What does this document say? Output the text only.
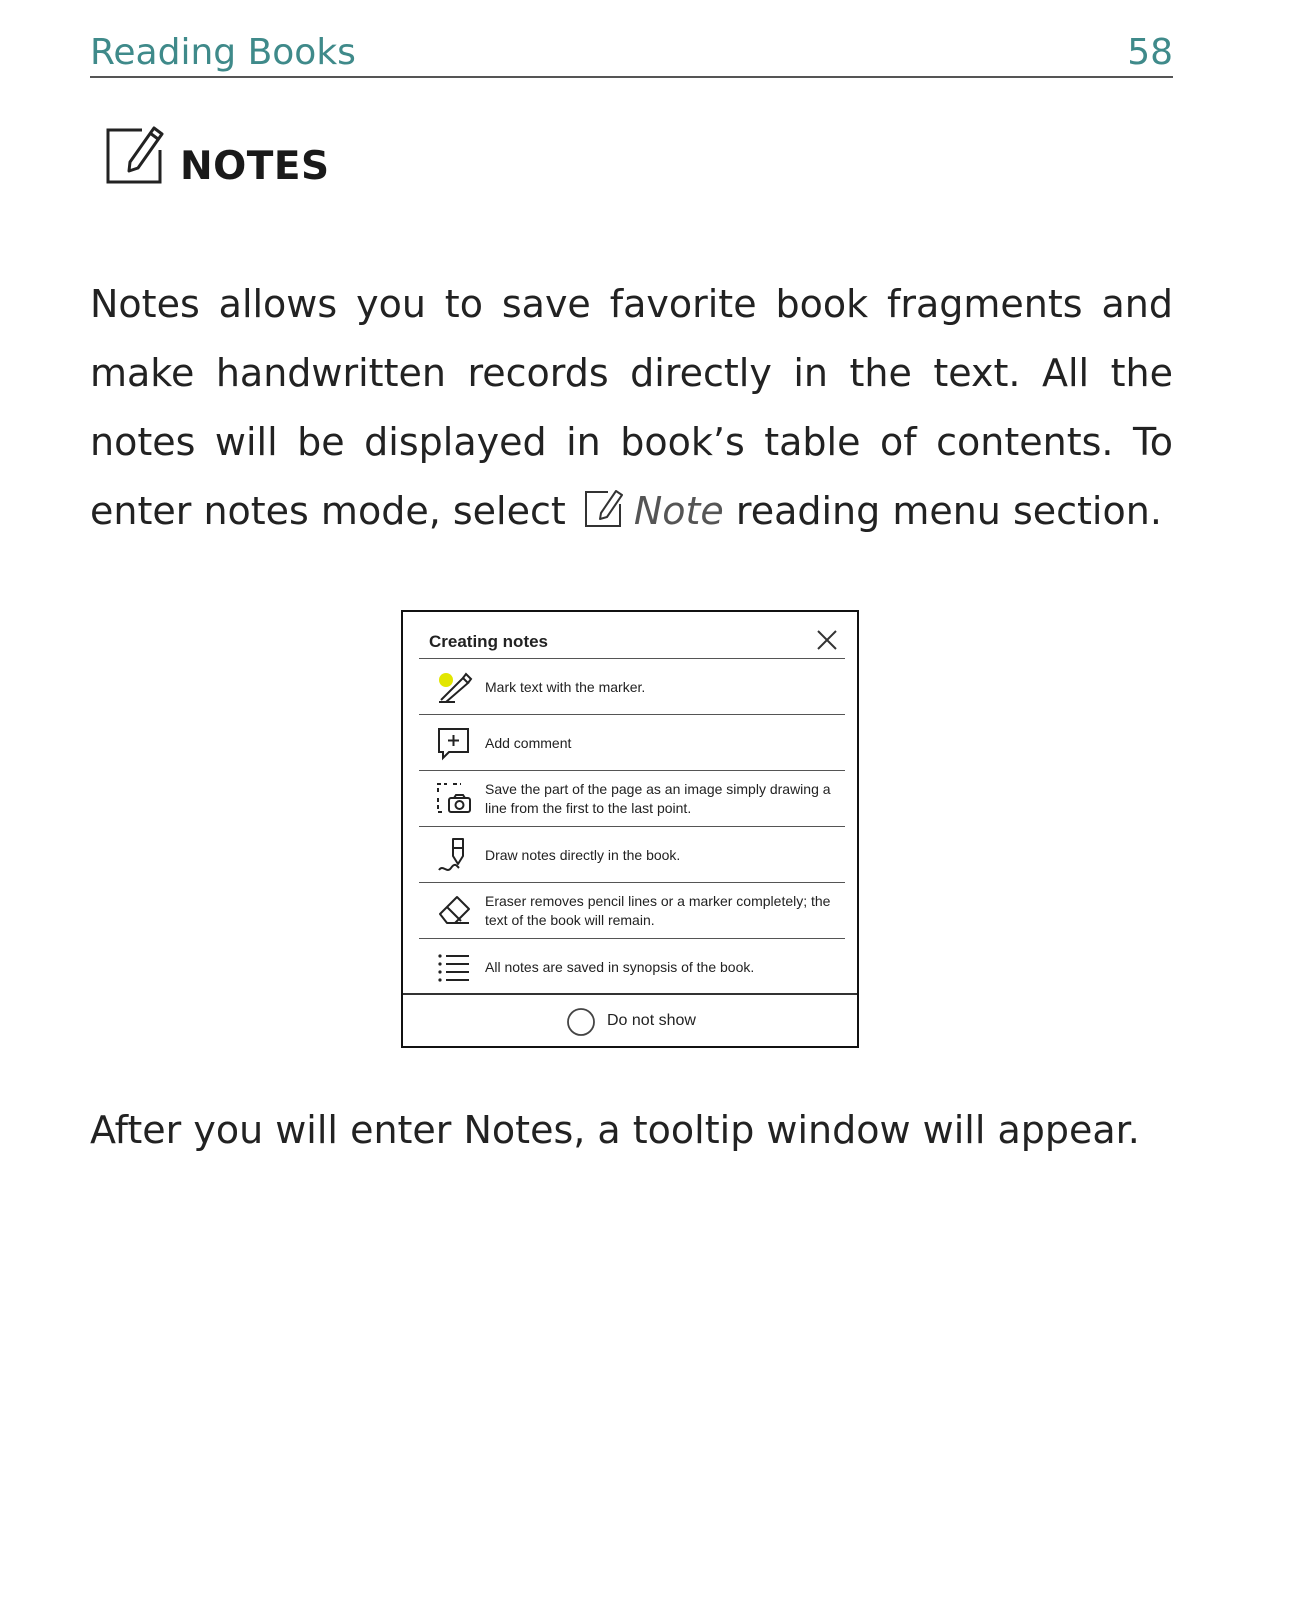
Reading Books	58
NOTES
Notes allows you to save favorite book fragments and make handwritten records directly in the text. All the notes will be displayed in book’s table of contents. To enter notes mode, select Note reading menu section.
Creating notes
Mark text with the marker.
Add comment
Save the part of the page as an image simply drawing a line from the first to the last point.
Draw notes directly in the book.
Eraser removes pencil lines or a marker completely; the text of the book will remain.
All notes are saved in synopsis of the book.
Do not show
After you will enter Notes, a tooltip window will appear.
